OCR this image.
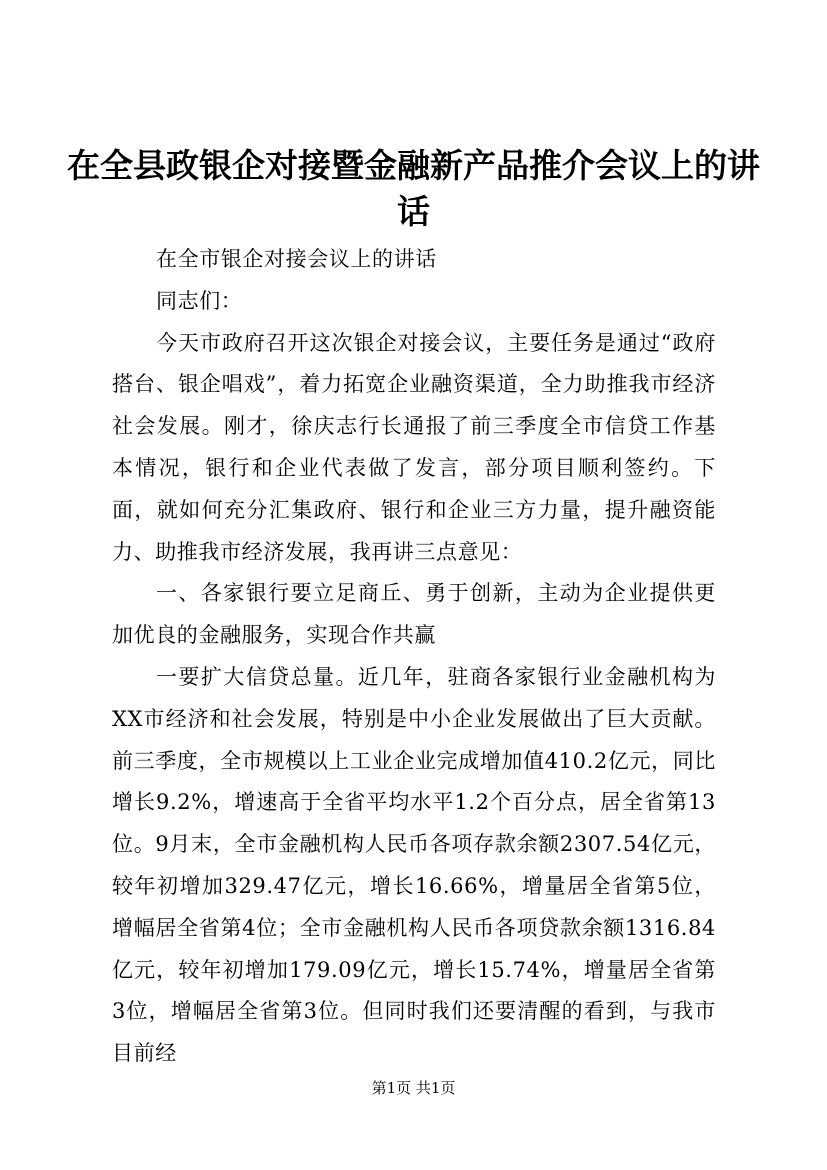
在全县政银企对接暨金融新产品推介会议上的讲话

在全市银企对接会议上的讲话

同志们：

今天市政府召开这次银企对接会议，主要任务是通过“政府搭台、银企唱戏”，着力拓宽企业融资渠道，全力助推我市经济社会发展。刚才，徐庆志行长通报了前三季度全市信贷工作基本情况，银行和企业代表做了发言，部分项目顺利签约。下面，就如何充分汇集政府、银行和企业三方力量，提升融资能力、助推我市经济发展，我再讲三点意见：

一、各家银行要立足商丘、勇于创新，主动为企业提供更加优良的金融服务，实现合作共赢

一要扩大信贷总量。近几年，驻商各家银行业金融机构为XX市经济和社会发展，特别是中小企业发展做出了巨大贡献。前三季度，全市规模以上工业企业完成增加值410.2亿元，同比增长9.2%，增速高于全省平均水平1.2个百分点，居全省第13位。9月末，全市金融机构人民币各项存款余额2307.54亿元，较年初增加329.47亿元，增长16.66%，增量居全省第5位，增幅居全省第4位；全市金融机构人民币各项贷款余额1316.84亿元，较年初增加179.09亿元，增长15.74%，增量居全省第3位，增幅居全省第3位。但同时我们还要清醒的看到，与我市目前经

第1页 共1页
